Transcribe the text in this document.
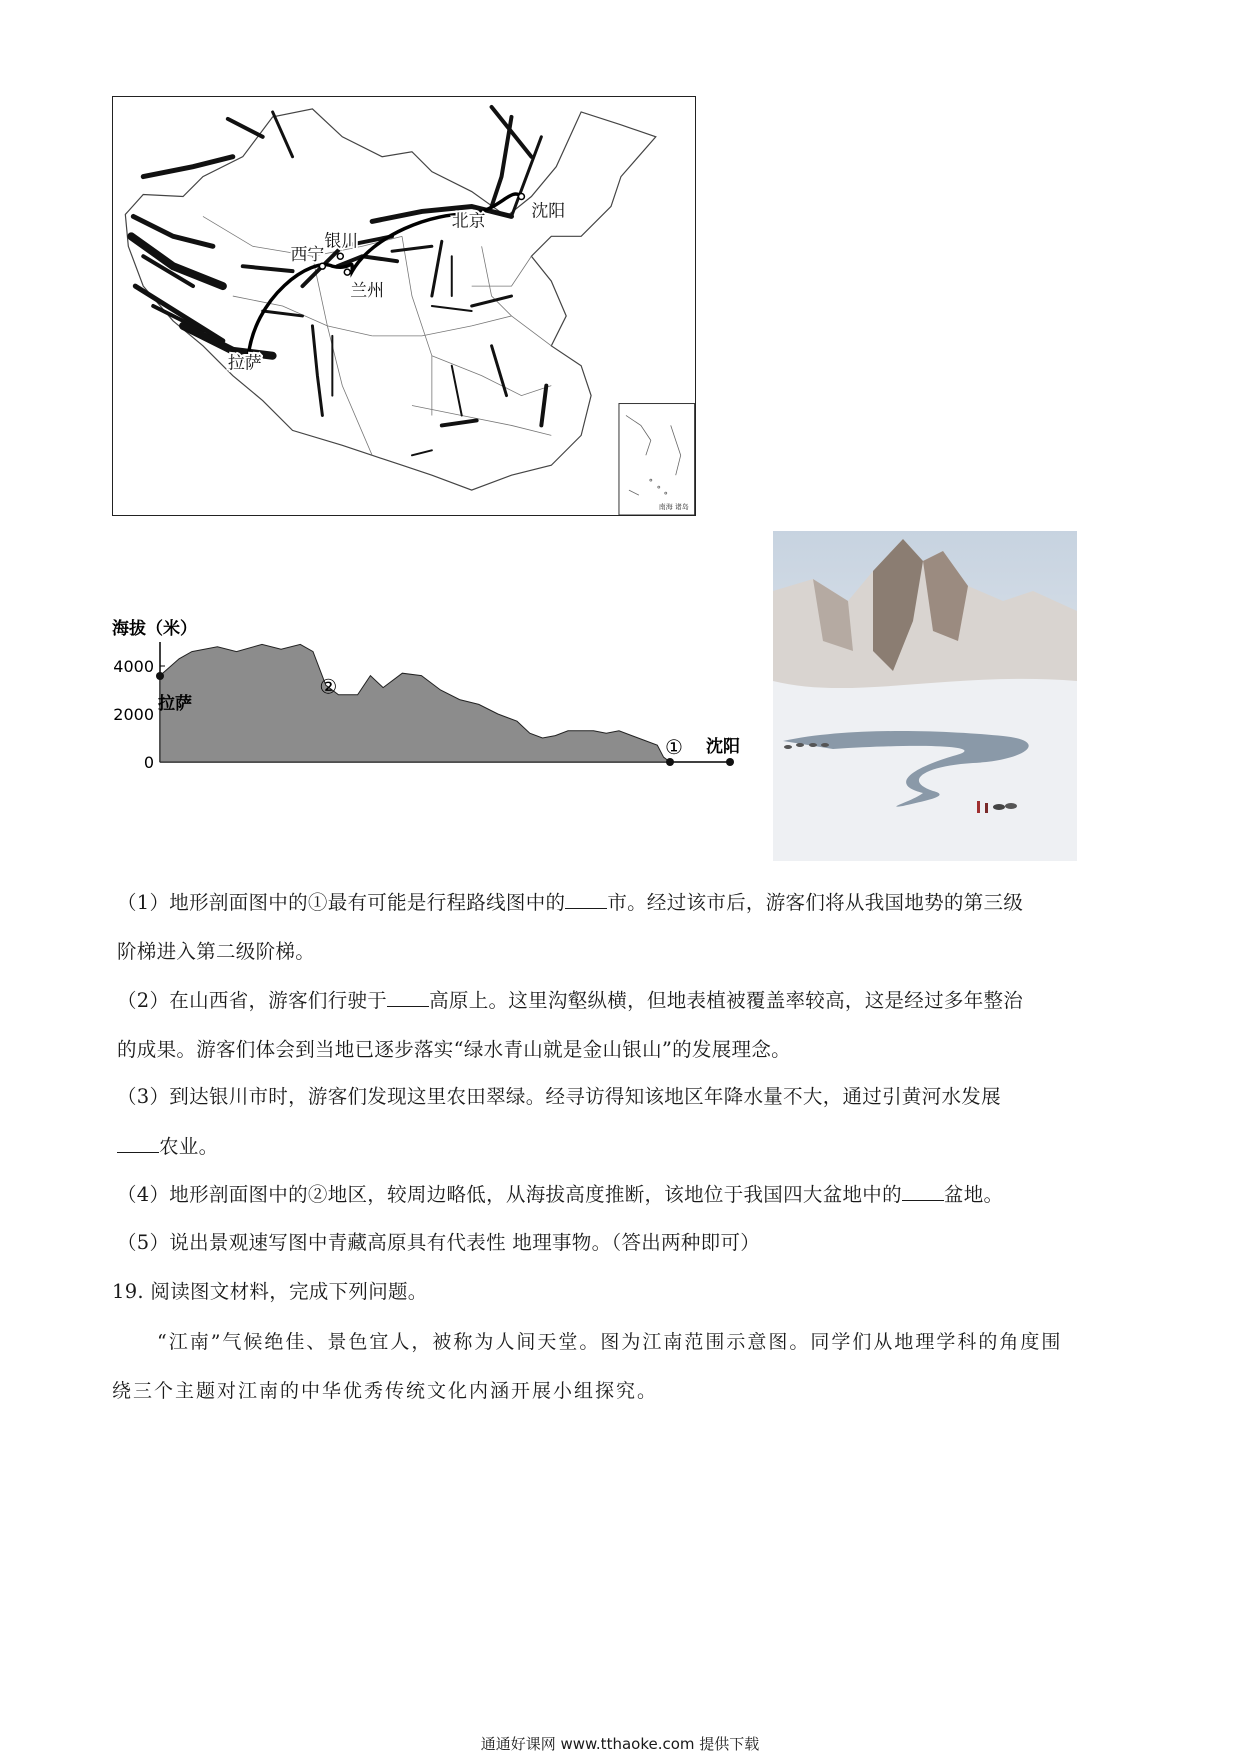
拉萨
西宁
银川
兰州
北京	沈阳
南海 诸岛
海拔（米）
4000
2000
0
拉萨
沈阳
①
②
（1）地形剖面图中的①最有可能是行程路线图中的 市。经过该市后，游客们将从我国地势的第三级
阶梯进入第二级阶梯。
（2）在山西省，游客们行驶于 高原上。这里沟壑纵横，但地表植被覆盖率较高，这是经过多年整治
的成果。游客们体会到当地已逐步落实“绿水青山就是金山银山”的发展理念。
（3）到达银川市时，游客们发现这里农田翠绿。经寻访得知该地区年降水量不大，通过引黄河水发展
农业。
（4）地形剖面图中的②地区，较周边略低，从海拔高度推断，该地位于我国四大盆地中的 盆地。
（5）说出景观速写图中青藏高原具有代表性 地理事物。（答出两种即可）
19. 阅读图文材料，完成下列问题。
“江南”气候绝佳、景色宜人，被称为人间天堂。图为江南范围示意图。同学们从地理学科的角度围
绕三个主题对江南的中华优秀传统文化内涵开展小组探究。
通通好课网 www.tthaoke.com 提供下载
